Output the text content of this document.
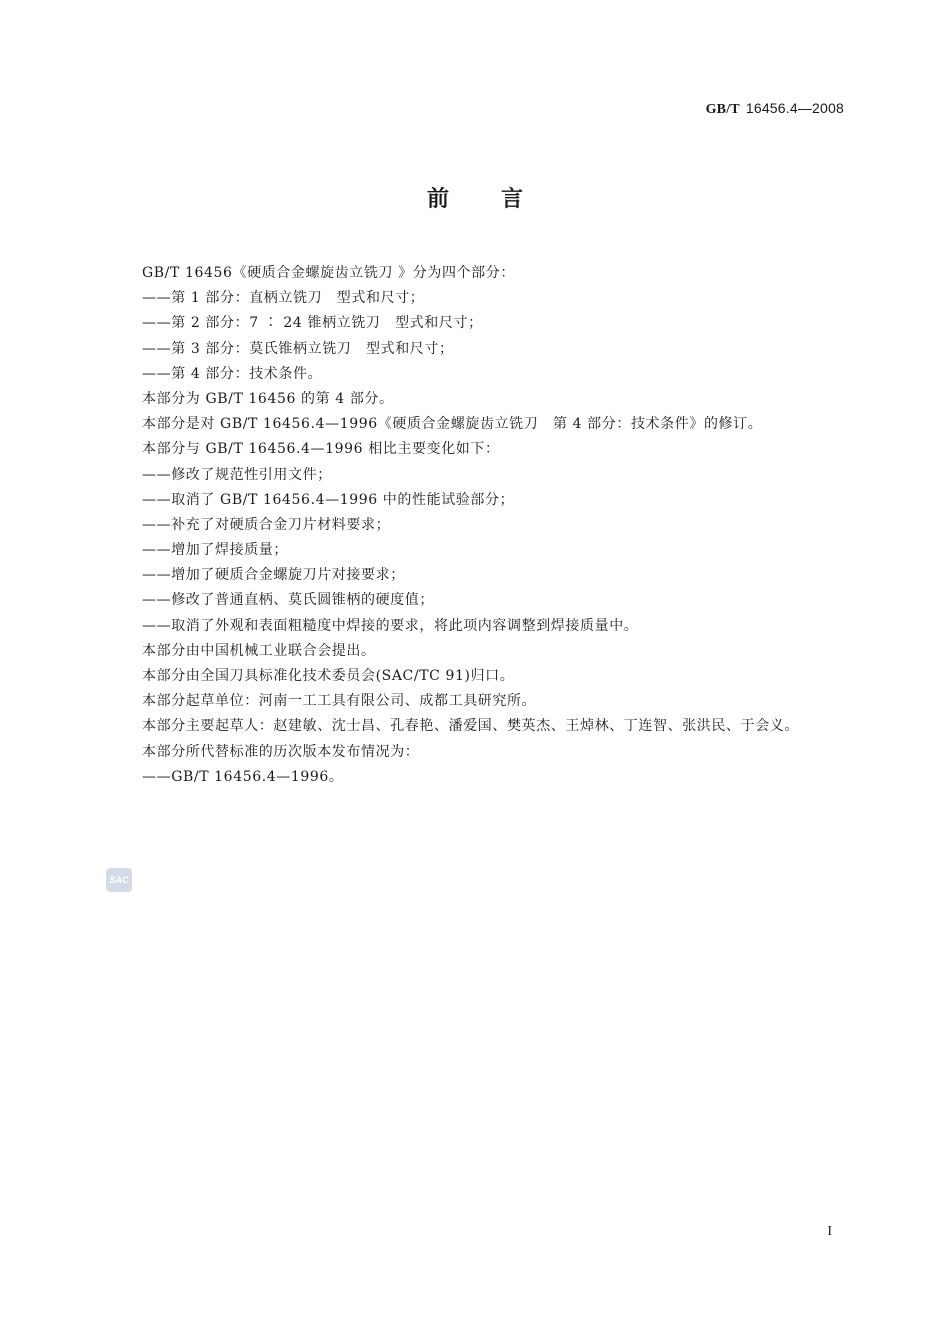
GB/T 16456.4—2008
前言
GB/T 16456《硬质合金螺旋齿立铣刀 》分为四个部分：
——第 1 部分：直柄立铣刀　型式和尺寸；
——第 2 部分：7 ∶ 24 锥柄立铣刀　型式和尺寸；
——第 3 部分：莫氏锥柄立铣刀　型式和尺寸；
——第 4 部分：技术条件。
本部分为 GB/T 16456 的第 4 部分。
本部分是对 GB/T 16456.4—1996《硬质合金螺旋齿立铣刀　第 4 部分：技术条件》的修订。
本部分与 GB/T 16456.4—1996 相比主要变化如下：
——修改了规范性引用文件；
——取消了 GB/T 16456.4—1996 中的性能试验部分；
——补充了对硬质合金刀片材料要求；
——增加了焊接质量；
——增加了硬质合金螺旋刀片对接要求；
——修改了普通直柄、莫氏圆锥柄的硬度值；
——取消了外观和表面粗糙度中焊接的要求，将此项内容调整到焊接质量中。
本部分由中国机械工业联合会提出。
本部分由全国刀具标准化技术委员会(SAC/TC 91)归口。
本部分起草单位：河南一工工具有限公司、成都工具研究所。
本部分主要起草人：赵建敏、沈士昌、孔春艳、潘爱国、樊英杰、王焯林、丁连智、张洪民、于会义。
本部分所代替标准的历次版本发布情况为：
——GB/T 16456.4—1996。
SAC
I
